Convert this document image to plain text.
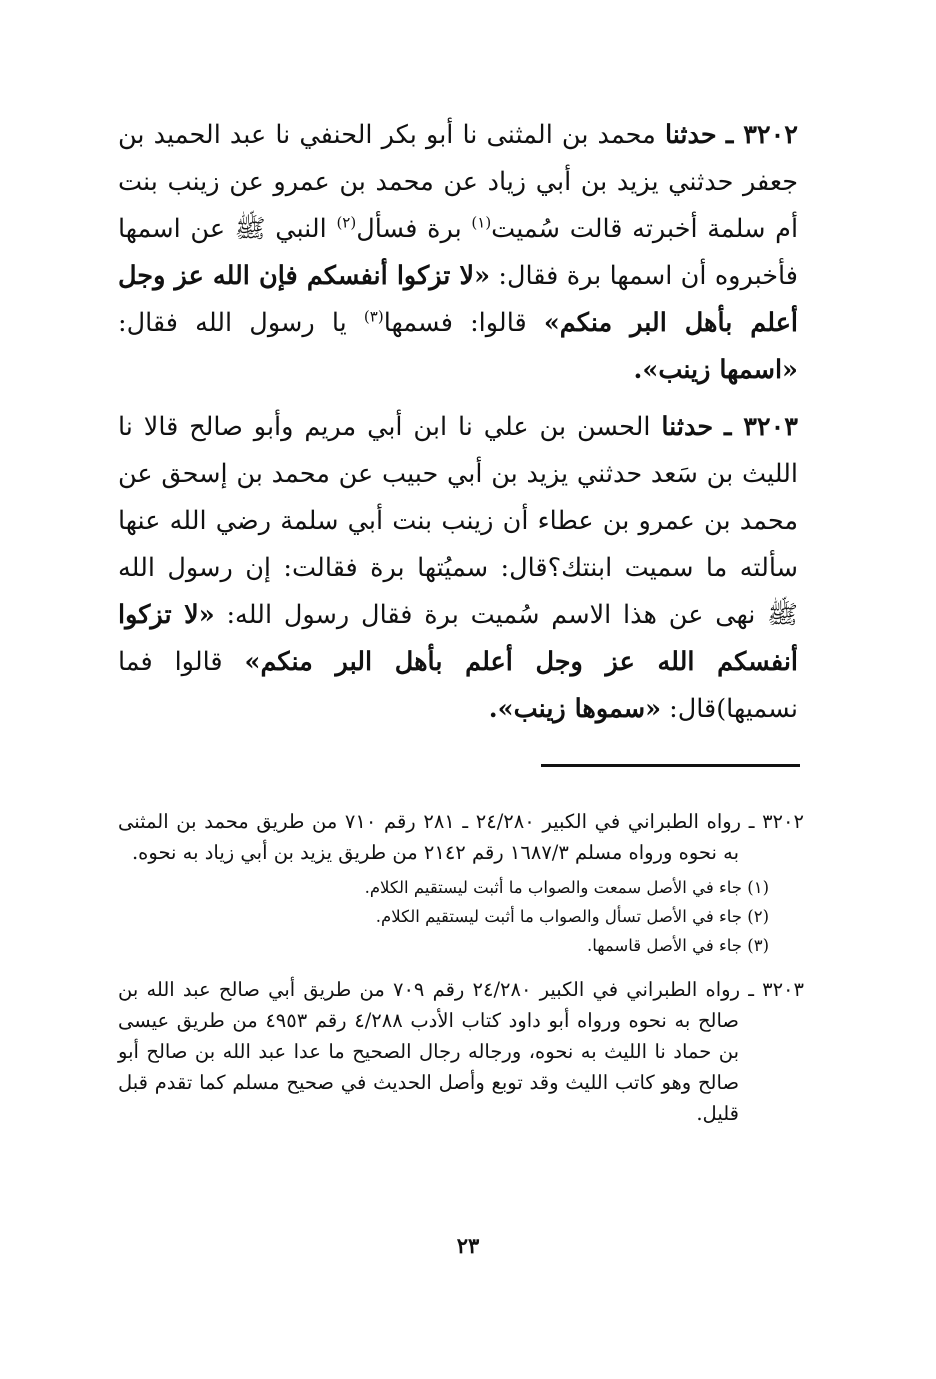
٣٢٠٢ ـ حدثنا محمد بن المثنى نا أبو بكر الحنفي نا عبد الحميد بن جعفر حدثني يزيد بن أبي زياد عن محمد بن عمرو عن زينب بنت أم سلمة أخبرته قالت سُميت$^{(١)}$ برة فسأل$^{(٢)}$ النبي ﷺ عن اسمها فأخبروه أن اسمها برة فقال: «لا تزكوا أنفسكم فإن الله عز وجل أعلم بأهل البر منكم» قالوا: فسمها$^{(٣)}$ يا رسول الله فقال: «اسمها زينب».

٣٢٠٣ ـ حدثنا الحسن بن علي نا ابن أبي مريم وأبو صالح قالا نا الليث بن سَعد حدثني يزيد بن أبي حبيب عن محمد بن إسحق عن محمد بن عمرو بن عطاء أن زينب بنت أبي سلمة رضي الله عنها سألته ما سميت ابنتك؟قال: سميُتها برة فقالت: إن رسول الله ﷺ نهى عن هذا الاسم سُميت برة فقال رسول الله: «لا تزكوا أنفسكم الله عز وجل أعلم بأهل البر منكم» قالوا فما نسميها)قال: «سموها زينب».

٣٢٠٢ ـ رواه الطبراني في الكبير ٢٤/٢٨٠ ـ ٢٨١ رقم ٧١٠ من طريق محمد بن المثنى به نحوه ورواه مسلم ١٦٨٧/٣ رقم ٢١٤٢ من طريق يزيد بن أبي زياد به نحوه.

(١) جاء في الأصل سمعت والصواب ما أثبت ليستقيم الكلام.

(٢) جاء في الأصل تسأل والصواب ما أثبت ليستقيم الكلام.

(٣) جاء في الأصل قاسمها.

٣٢٠٣ ـ رواه الطبراني في الكبير ٢٤/٢٨٠ رقم ٧٠٩ من طريق أبي صالح عبد الله بن صالح به نحوه ورواه أبو داود كتاب الأدب ٤/٢٨٨ رقم ٤٩٥٣ من طريق عيسى بن حماد نا الليث به نحوه، ورجاله رجال الصحيح ما عدا عبد الله بن صالح أبو صالح وهو كاتب الليث وقد توبع وأصل الحديث في صحيح مسلم كما تقدم قبل قليل.

٢٣
